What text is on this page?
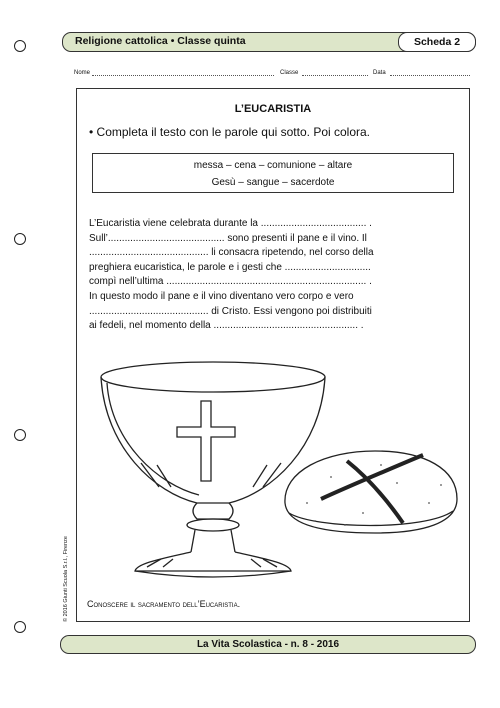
Religione cattolica • Classe quinta	Scheda 2
Nome	Classe	Data
L’EUCARISTIA
• Completa il testo con le parole qui sotto. Poi colora.
messa – cena – comunione – altare
Gesù – sangue – sacerdote

L’Eucaristia viene celebrata durante la ...................................... .

Sull’.......................................... sono presenti il pane e il vino. Il

........................................... li consacra ripetendo, nel corso della

preghiera eucaristica, le parole e i gesti che ...............................

compì nell’ultima ........................................................................ .

In questo modo il pane e il vino diventano vero corpo e vero

........................................... di Cristo. Essi vengono poi distribuiti

ai fedeli, nel momento della .................................................... .

Conoscere il sacramento dell’Eucaristia.
© 2016 Giunti Scuola S.r.l., Firenze
La Vita Scolastica - n. 8 - 2016
